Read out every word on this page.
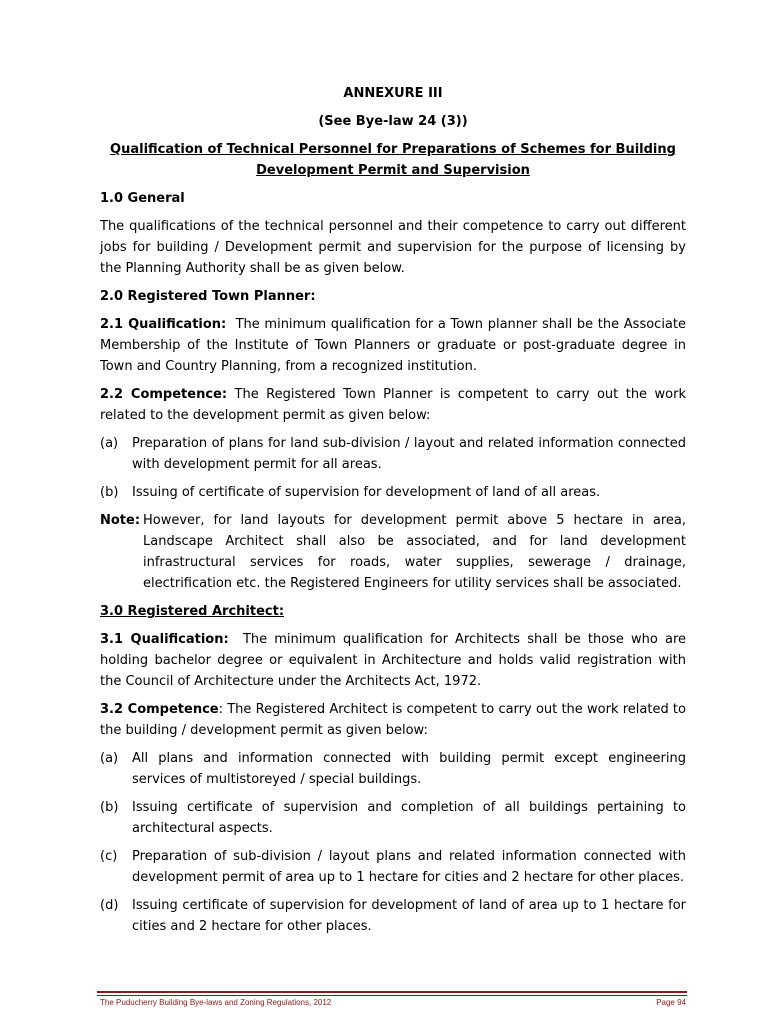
ANNEXURE III
(See Bye-law 24 (3))
Qualification of Technical Personnel for Preparations of Schemes for Building
Development Permit and Supervision
1.0 General

The qualifications of the technical personnel and their competence to carry out different jobs for building / Development permit and supervision for the purpose of licensing by the Planning Authority shall be as given below.

2.0 Registered Town Planner:

2.1 Qualification: The minimum qualification for a Town planner shall be the Associate Membership of the Institute of Town Planners or graduate or post-graduate degree in Town and Country Planning, from a recognized institution.

2.2 Competence: The Registered Town Planner is competent to carry out the work related to the development permit as given below:

(a) Preparation of plans for land sub-division / layout and related information connected with development permit for all areas.
(b) Issuing of certificate of supervision for development of land of all areas.
Note: However, for land layouts for development permit above 5 hectare in area, Landscape Architect shall also be associated, and for land development infrastructural services for roads, water supplies, sewerage / drainage, electrification etc. the Registered Engineers for utility services shall be associated.
3.0 Registered Architect:

3.1 Qualification: The minimum qualification for Architects shall be those who are holding bachelor degree or equivalent in Architecture and holds valid registration with the Council of Architecture under the Architects Act, 1972.

3.2 Competence: The Registered Architect is competent to carry out the work related to the building / development permit as given below:

(a) All plans and information connected with building permit except engineering services of multistoreyed / special buildings.
(b) Issuing certificate of supervision and completion of all buildings pertaining to architectural aspects.
(c) Preparation of sub-division / layout plans and related information connected with development permit of area up to 1 hectare for cities and 2 hectare for other places.
(d) Issuing certificate of supervision for development of land of area up to 1 hectare for cities and 2 hectare for other places.
The Puducherry Building Bye-laws and Zoning Regulations, 2012	Page 94
